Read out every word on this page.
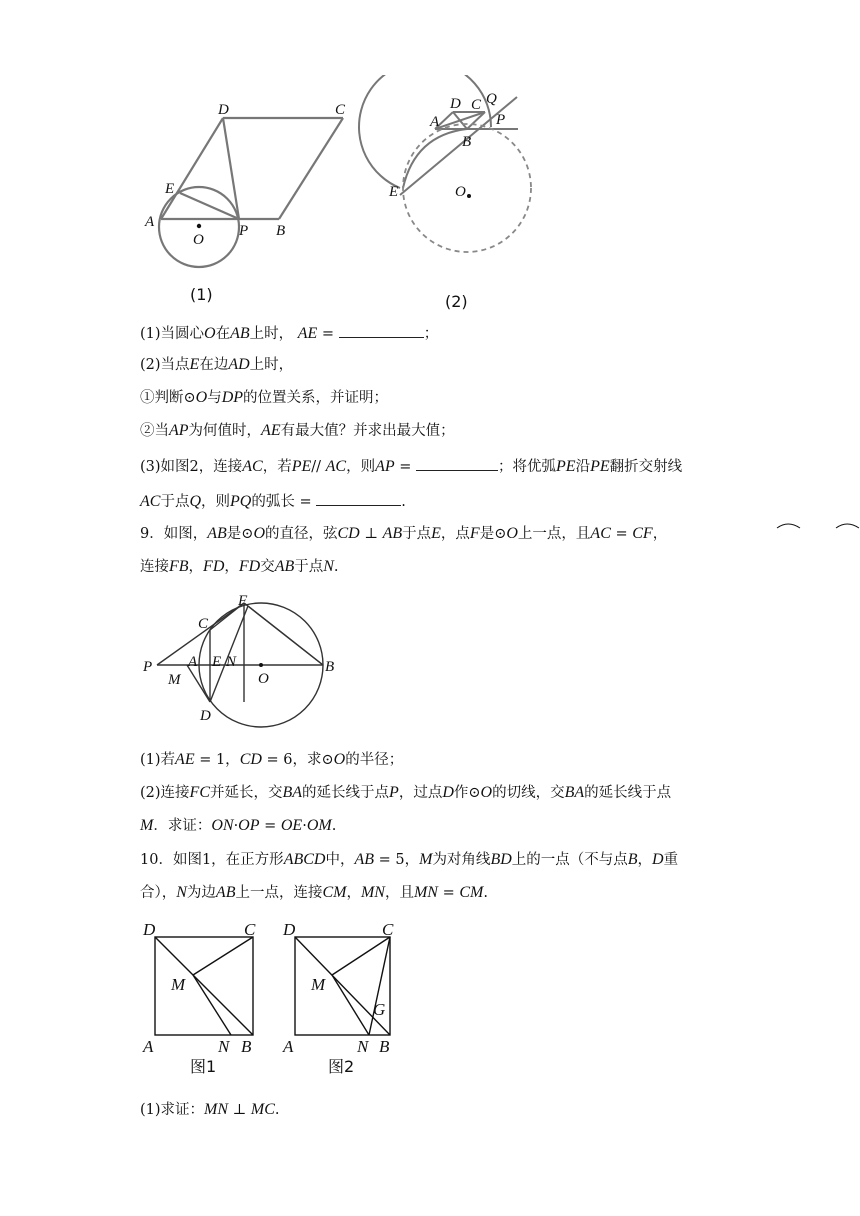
D	C
E
A
O
P B
(1)
D C Q
A	P
B
E	O
(2)
(1)当圆心O在AB上时， AE =	；
(2)当点E在边AD上时，
①判断⊙O与DP的位置关系，并证明；
②当AP为何值时，AE有最大值？并求出最大值；
(3)如图2，连接AC，若PE// AC，则AP =	；将优弧PE沿PE翻折交射线
AC于点Q，则PQ的弧长 =	.
9．如图，AB是⊙O的直径，弦CD ⊥ AB于点E，点F是⊙O上一点，且AC = CF，
连接FB，FD，FD交AB于点N.
F
C
P A E N
O
B
M
D
(1)若AE = 1，CD = 6，求⊙O的半径；
(2)连接FC并延长，交BA的延长线于点P，过点D作⊙O的切线，交BA的延长线于点
M．求证：ON·OP = OE·OM.
10．如图1，在正方形ABCD中，AB = 5，M为对角线BD上的一点（不与点B，D重
合），N为边AB上一点，连接CM，MN，且MN = CM.
D	C
M
A	N B
图1
D	C
M
G
A	N B
图2
(1)求证：MN ⊥ MC.
